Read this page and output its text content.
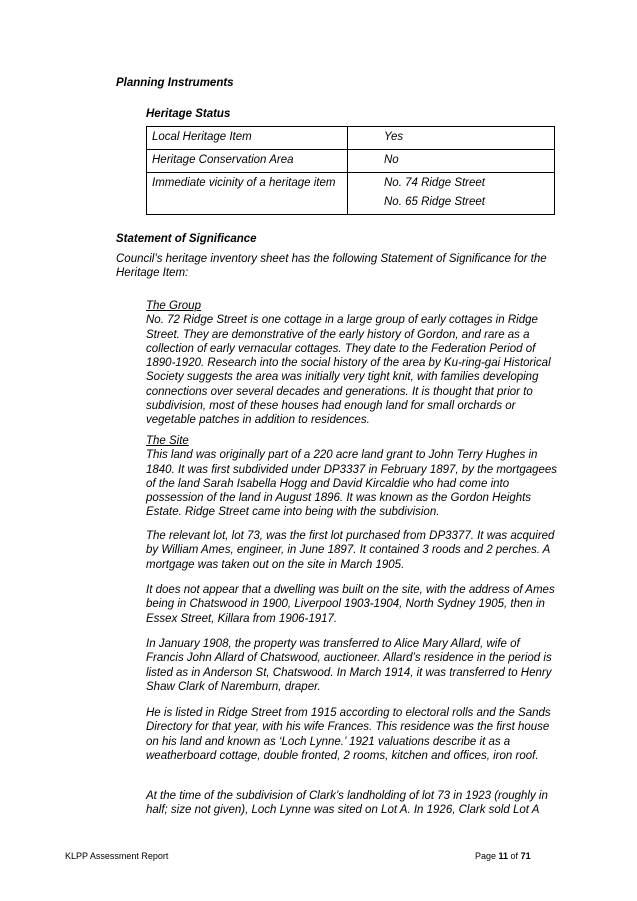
Planning Instruments
Heritage Status
Local Heritage Item	Yes
Heritage Conservation Area	No
Immediate vicinity of a heritage item	No. 74 Ridge Street
No. 65 Ridge Street
Statement of Significance

Council’s heritage inventory sheet has the following Statement of Significance for the Heritage Item:

The Group
No. 72 Ridge Street is one cottage in a large group of early cottages in Ridge Street. They are demonstrative of the early history of Gordon, and rare as a collection of early vernacular cottages. They date to the Federation Period of 1890-1920. Research into the social history of the area by Ku-ring-gai Historical Society suggests the area was initially very tight knit, with families developing connections over several decades and generations. It is thought that prior to subdivision, most of these houses had enough land for small orchards or vegetable patches in addition to residences.
The Site
This land was originally part of a 220 acre land grant to John Terry Hughes in 1840. It was first subdivided under DP3337 in February 1897, by the mortgagees of the land Sarah Isabella Hogg and David Kircaldie who had come into possession of the land in August 1896. It was known as the Gordon Heights Estate. Ridge Street came into being with the subdivision.

The relevant lot, lot 73, was the first lot purchased from DP3377. It was acquired by William Ames, engineer, in June 1897. It contained 3 roods and 2 perches. A mortgage was taken out on the site in March 1905.

It does not appear that a dwelling was built on the site, with the address of Ames being in Chatswood in 1900, Liverpool 1903-1904, North Sydney 1905, then in Essex Street, Killara from 1906-1917.

In January 1908, the property was transferred to Alice Mary Allard, wife of Francis John Allard of Chatswood, auctioneer. Allard’s residence in the period is listed as in Anderson St, Chatswood. In March 1914, it was transferred to Henry Shaw Clark of Naremburn, draper.

He is listed in Ridge Street from 1915 according to electoral rolls and the Sands Directory for that year, with his wife Frances. This residence was the first house on his land and known as ‘Loch Lynne.’ 1921 valuations describe it as a weatherboard cottage, double fronted, 2 rooms, kitchen and offices, iron roof.

At the time of the subdivision of Clark’s landholding of lot 73 in 1923 (roughly in half; size not given), Loch Lynne was sited on Lot A. In 1926, Clark sold Lot A

KLPP Assessment Report	Page 11 of 71
